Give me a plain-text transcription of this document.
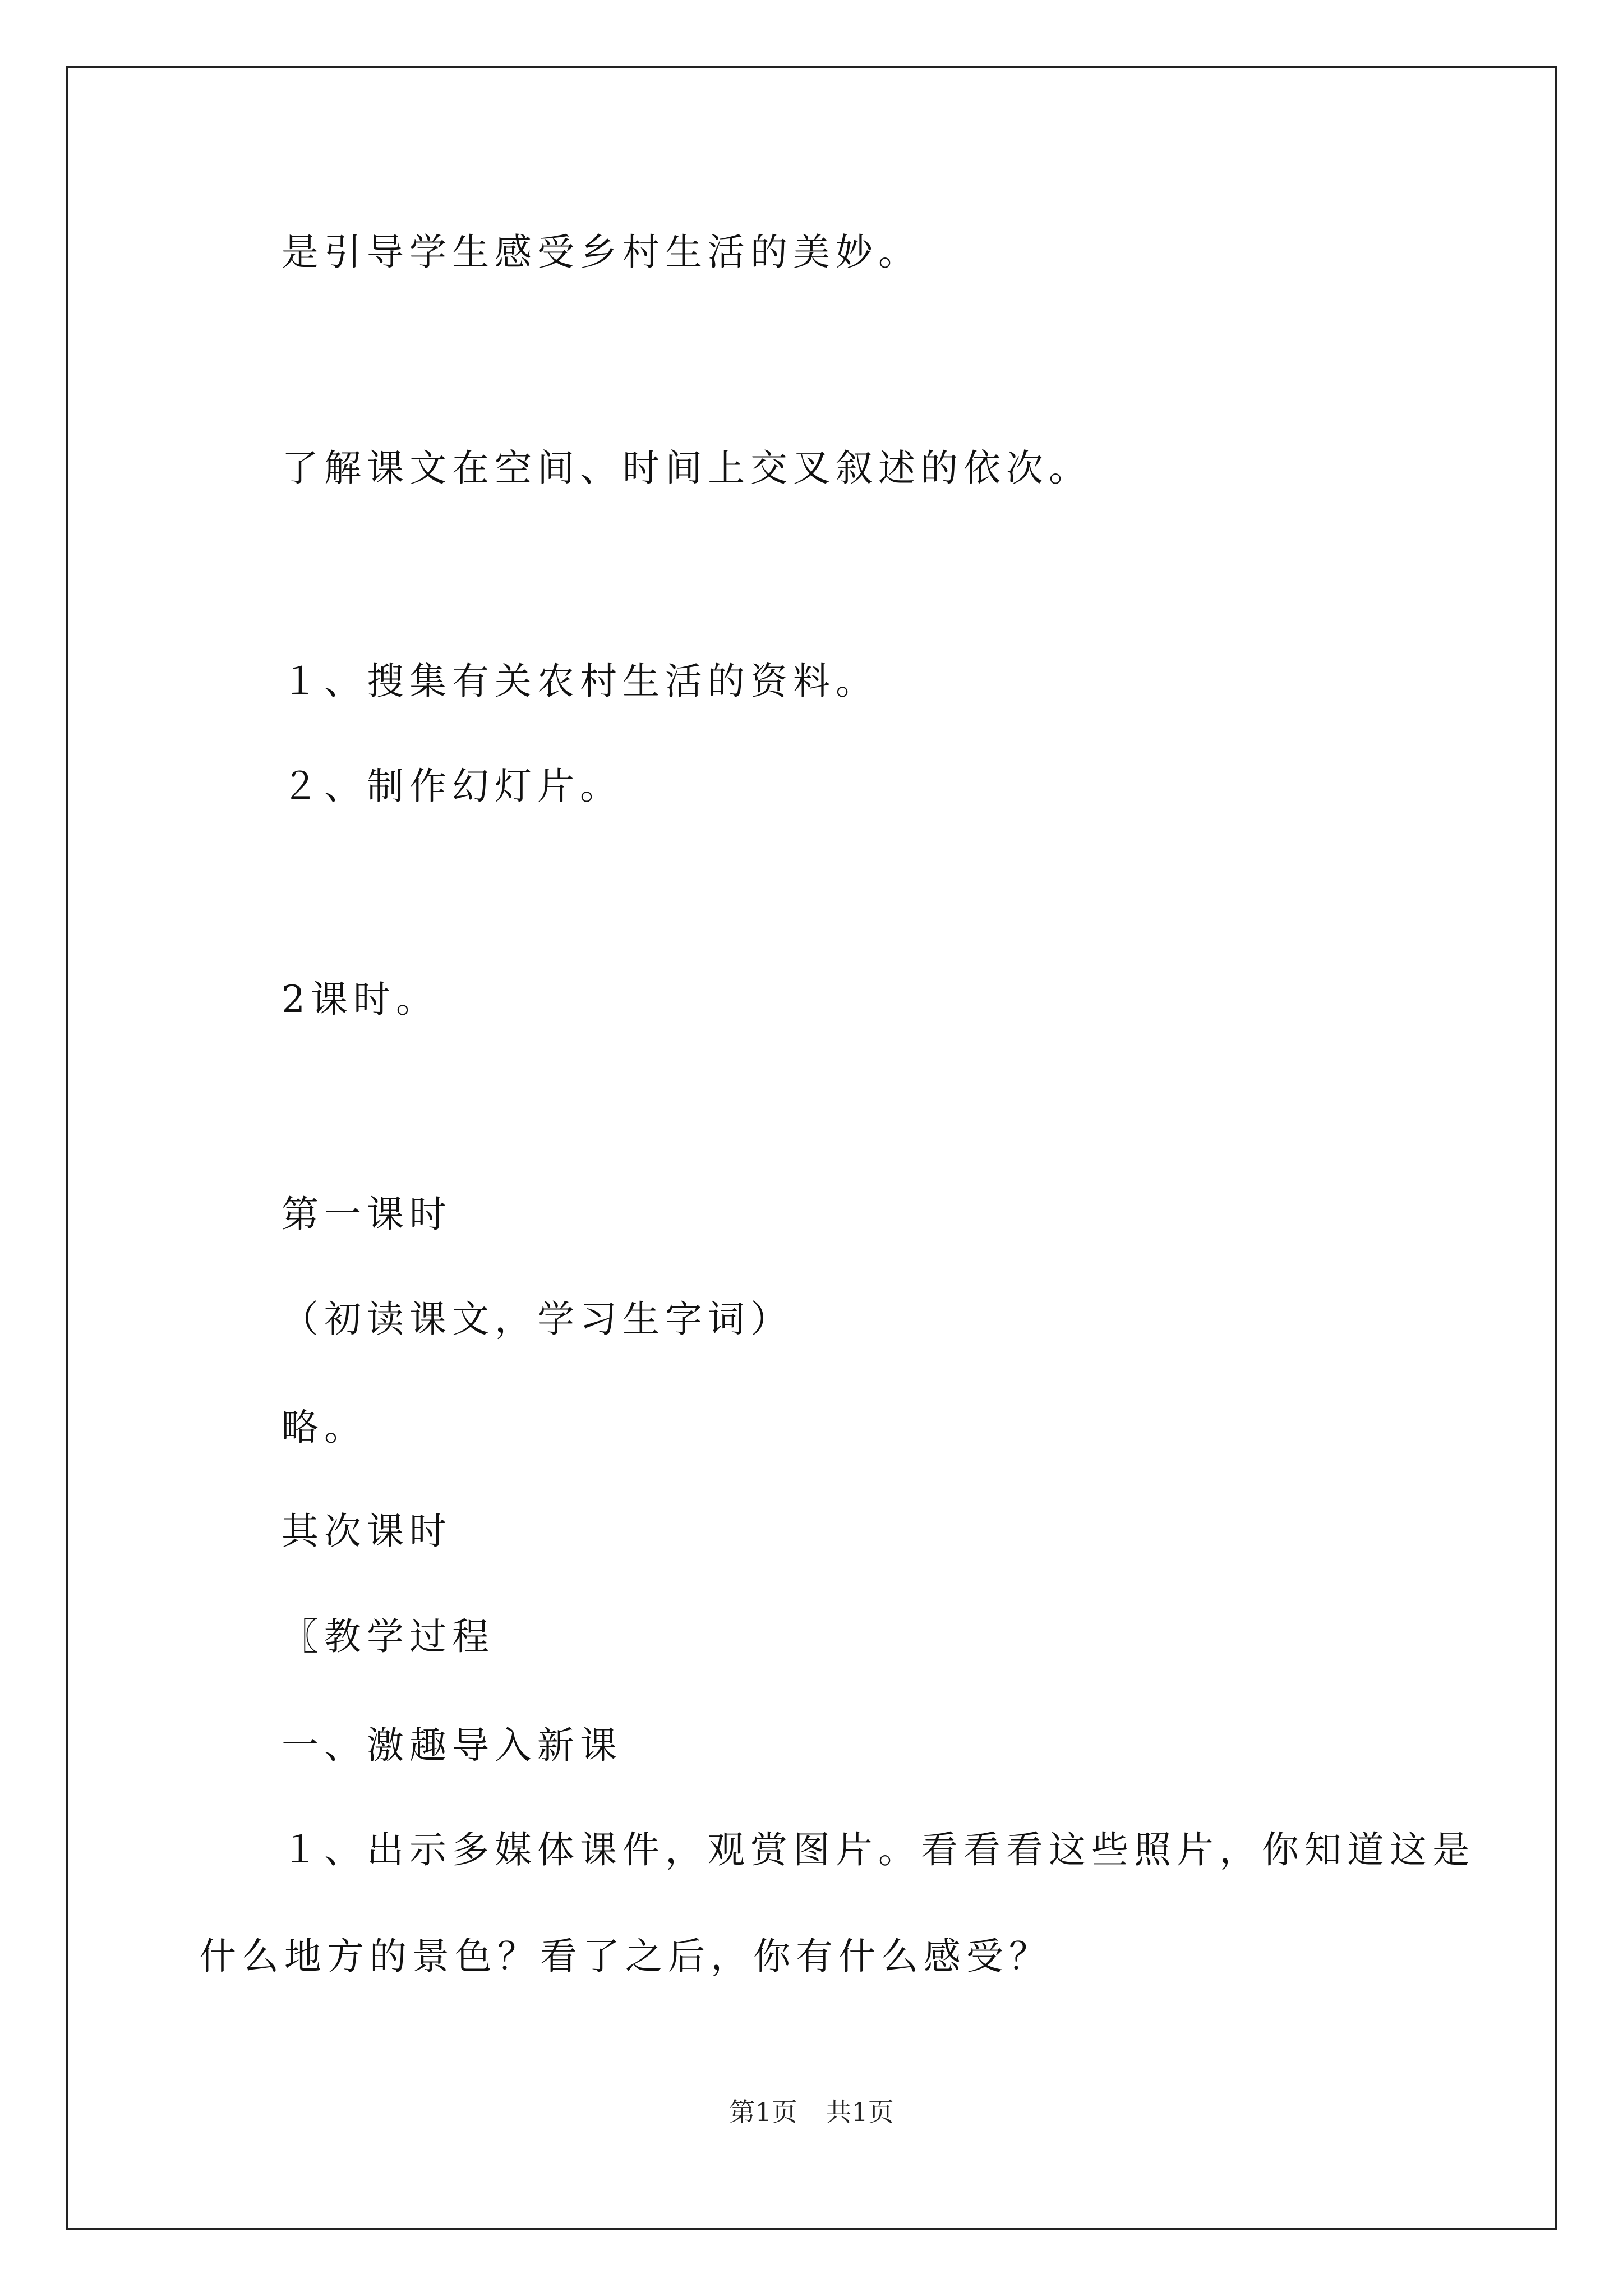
是引导学生感受乡村生活的美妙。
了解课文在空间、时间上交叉叙述的依次。
１、搜集有关农村生活的资料。
２、制作幻灯片。
2课时。
第一课时
（初读课文，学习生字词）
略。
其次课时
〖教学过程
一、激趣导入新课
１、出示多媒体课件，观赏图片。看看看这些照片，你知道这是
什么地方的景色？看了之后，你有什么感受？
第1页 共1页
